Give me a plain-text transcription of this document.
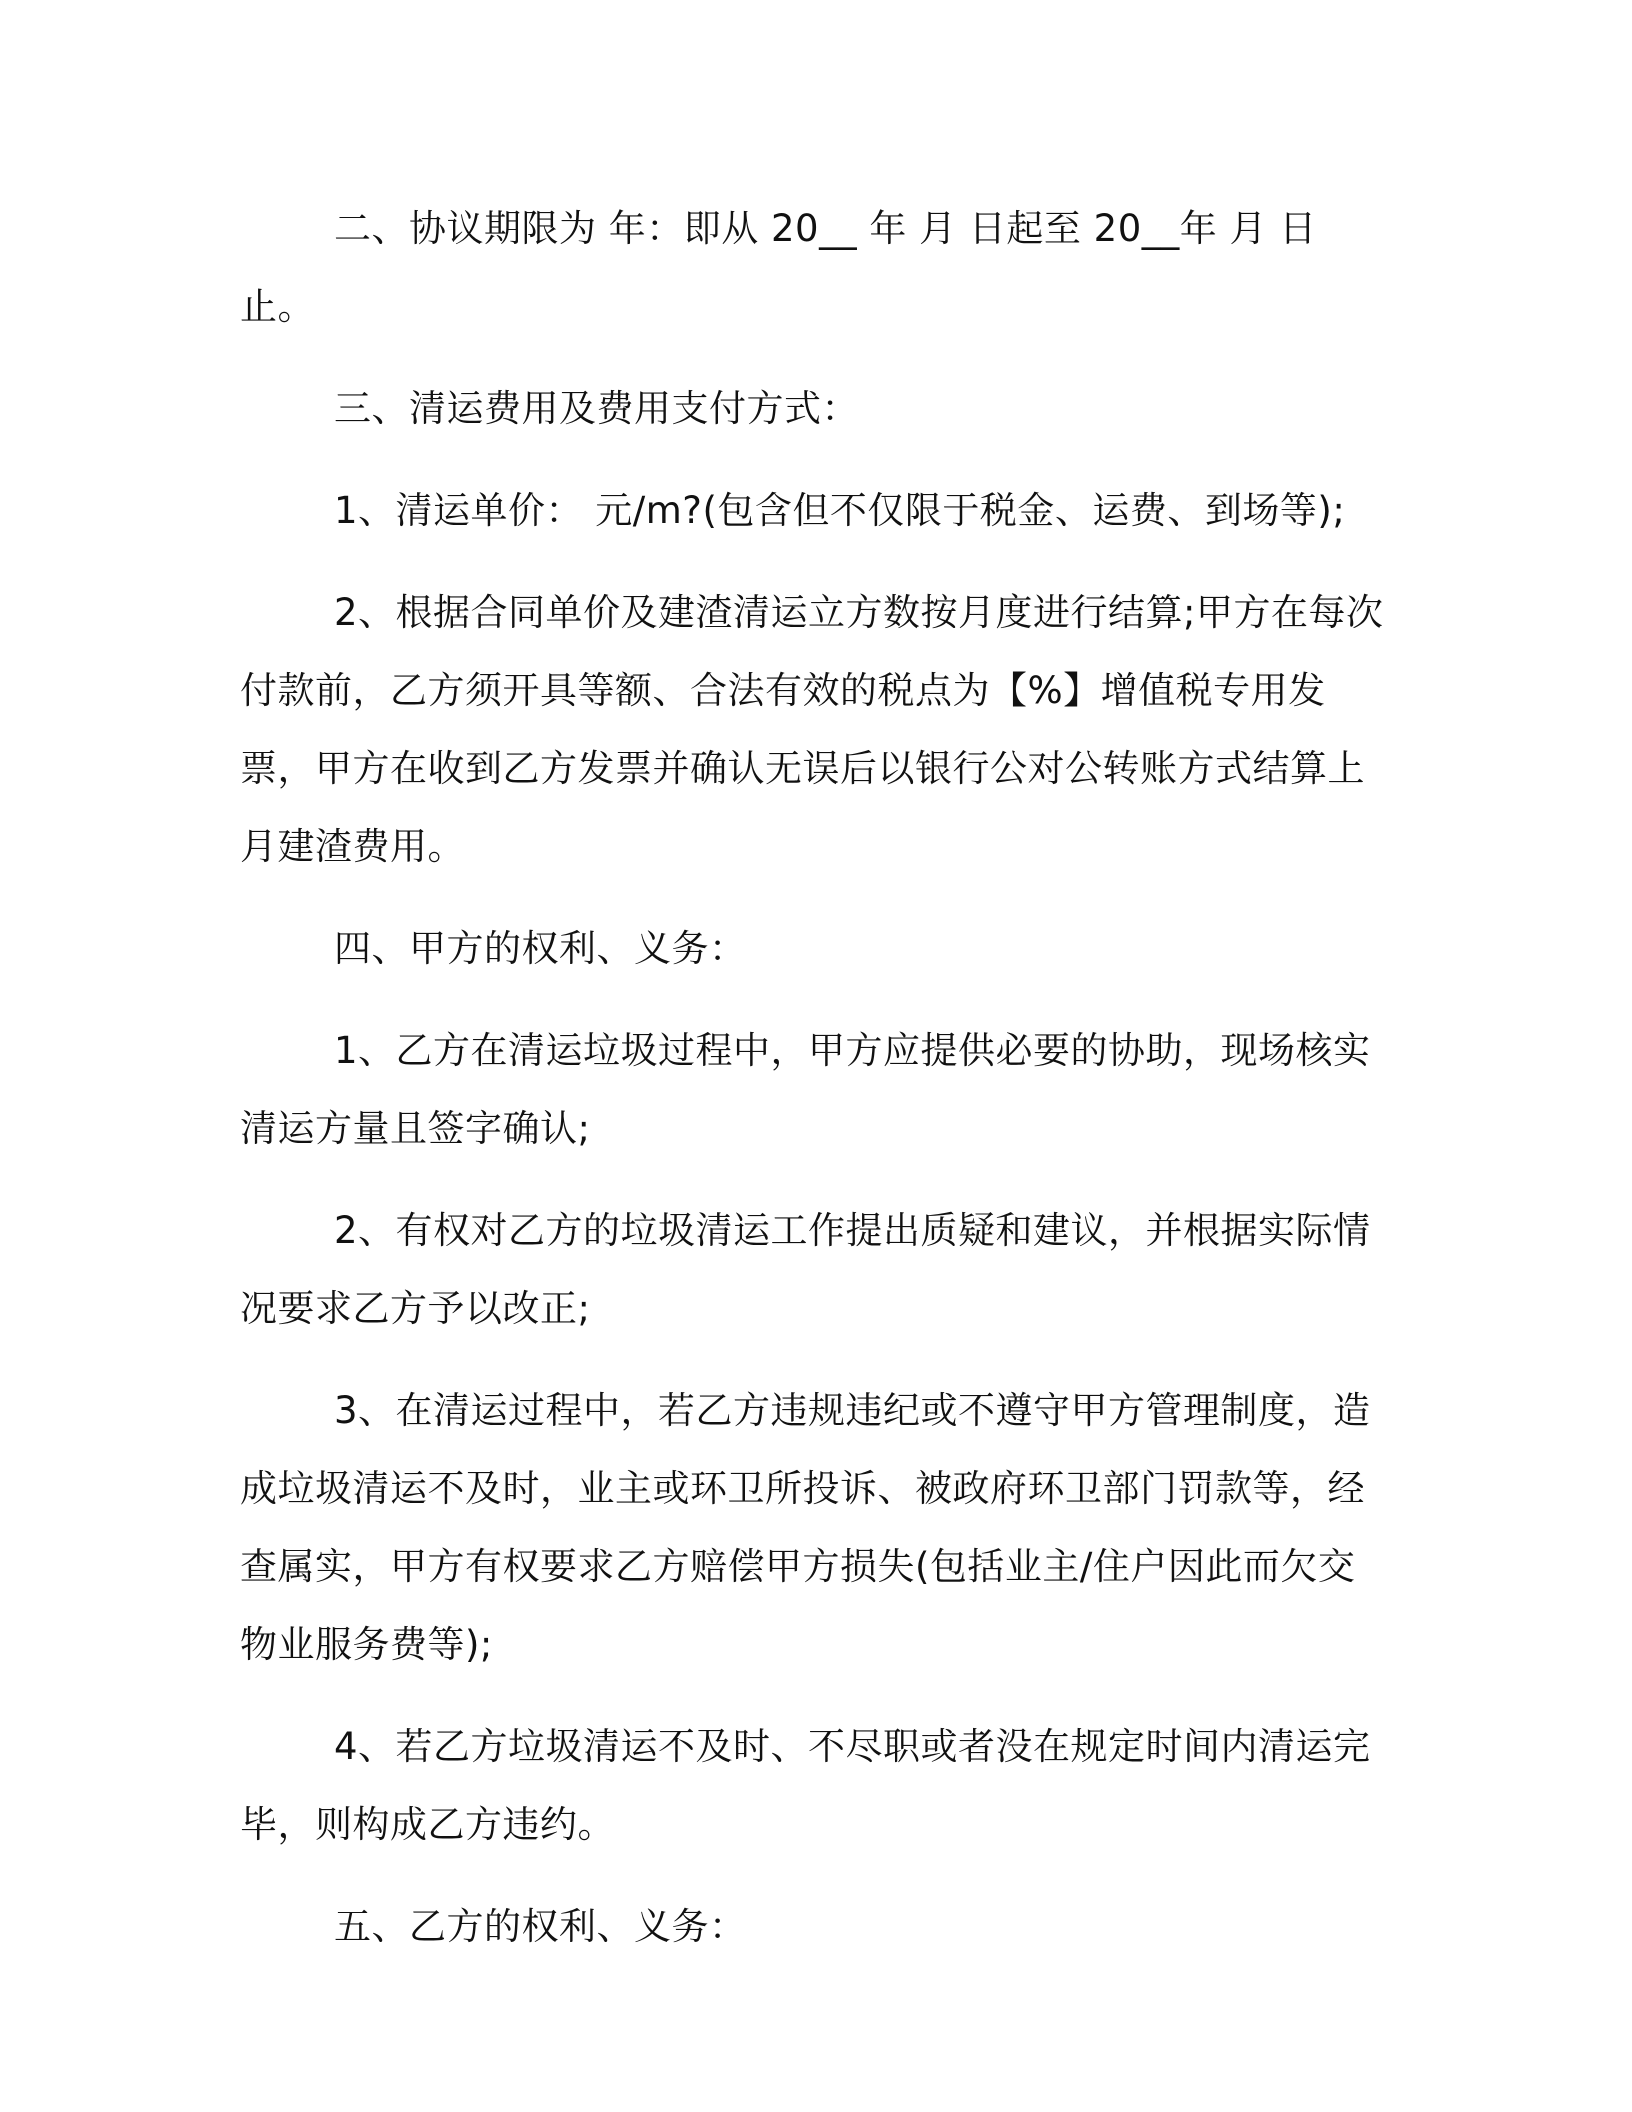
二、协议期限为 年：即从 20__ 年 月 日起至 20__年 月 日止。

三、清运费用及费用支付方式：

1、清运单价： 元/m?(包含但不仅限于税金、运费、到场等);

2、根据合同单价及建渣清运立方数按月度进行结算;甲方在每次付款前，乙方须开具等额、合法有效的税点为【%】增值税专用发票，甲方在收到乙方发票并确认无误后以银行公对公转账方式结算上月建渣费用。

四、甲方的权利、义务：

1、乙方在清运垃圾过程中，甲方应提供必要的协助，现场核实清运方量且签字确认;

2、有权对乙方的垃圾清运工作提出质疑和建议，并根据实际情况要求乙方予以改正;

3、在清运过程中，若乙方违规违纪或不遵守甲方管理制度，造成垃圾清运不及时，业主或环卫所投诉、被政府环卫部门罚款等，经查属实，甲方有权要求乙方赔偿甲方损失(包括业主/住户因此而欠交物业服务费等);

4、若乙方垃圾清运不及时、不尽职或者没在规定时间内清运完毕，则构成乙方违约。

五、乙方的权利、义务：
